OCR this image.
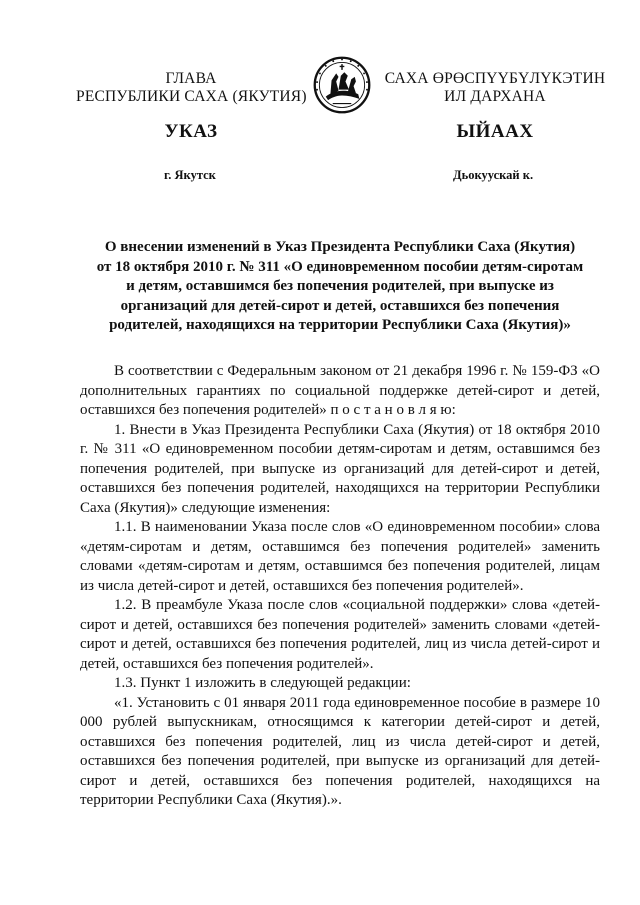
ГЛАВА
РЕСПУБЛИКИ САХА (ЯКУТИЯ)
САХА ӨРӨСПҮҮБҮЛҮКЭТИН
ИЛ ДАРХАНА
УКАЗ	ЫЙААХ
г. Якутск	Дьокуускай к.
О внесении изменений в Указ Президента Республики Саха (Якутия)
от 18 октября 2010 г. № 311 «О единовременном пособии детям-сиротам
и детям, оставшимся без попечения родителей, при выпуске из
организаций для детей-сирот и детей, оставшихся без попечения
родителей, находящихся на территории Республики Саха (Якутия)»

В соответствии с Федеральным законом от 21 декабря 1996 г. № 159-ФЗ «О дополнительных гарантиях по социальной поддержке детей-сирот и детей, оставшихся без попечения родителей» п о с т а н о в л я ю:

1. Внести в Указ Президента Республики Саха (Якутия) от 18 октября 2010 г. № 311 «О единовременном пособии детям-сиротам и детям, оставшимся без попечения родителей, при выпуске из организаций для детей-сирот и детей, оставшихся без попечения родителей, находящихся на территории Республики Саха (Якутия)» следующие изменения:

1.1. В наименовании Указа после слов «О единовременном пособии» слова «детям-сиротам и детям, оставшимся без попечения родителей» заменить словами «детям-сиротам и детям, оставшимся без попечения родителей, лицам из числа детей-сирот и детей, оставшихся без попечения родителей».

1.2. В преамбуле Указа после слов «социальной поддержки» слова «детей-сирот и детей, оставшихся без попечения родителей» заменить словами «детей-сирот и детей, оставшихся без попечения родителей, лиц из числа детей-сирот и детей, оставшихся без попечения родителей».

1.3. Пункт 1 изложить в следующей редакции:

«1. Установить с 01 января 2011 года единовременное пособие в размере 10 000 рублей выпускникам, относящимся к категории детей-сирот и детей, оставшихся без попечения родителей, лиц из числа детей-сирот и детей, оставшихся без попечения родителей, при выпуске из организаций для детей-сирот и детей, оставшихся без попечения родителей, находящихся на территории Республики Саха (Якутия).».
